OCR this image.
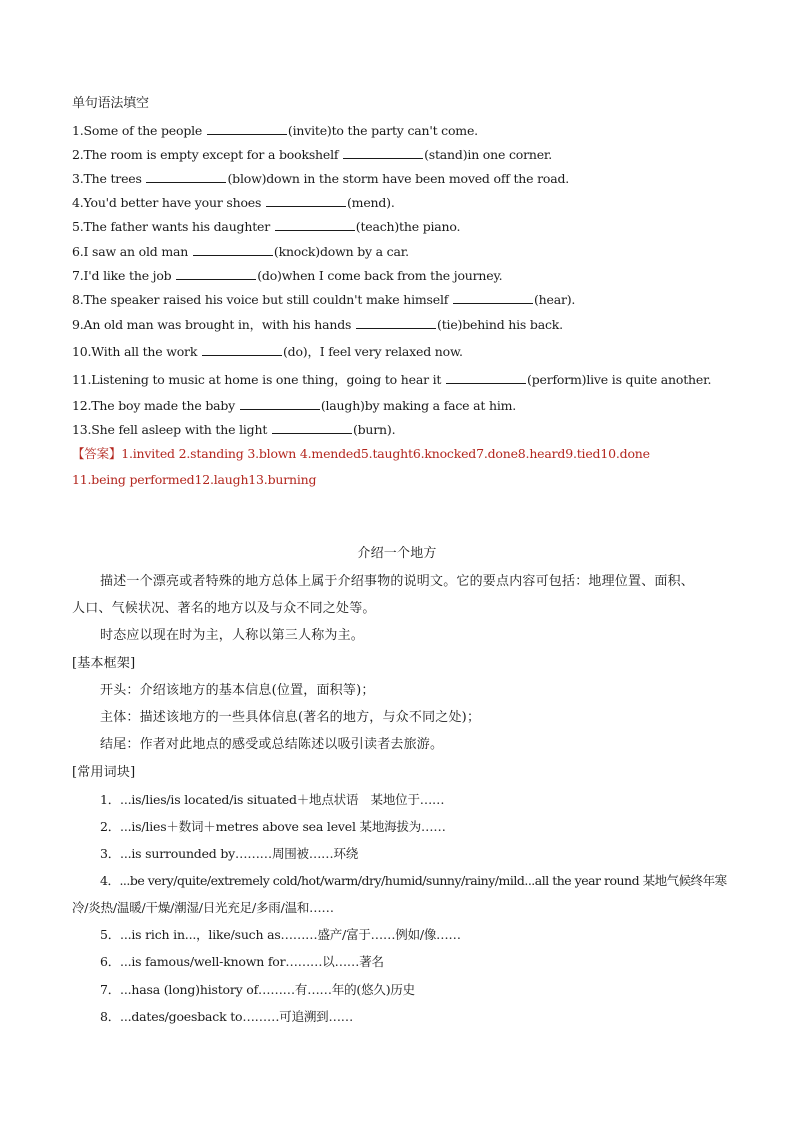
单句语法填空
1.Some of the people	(invite)to the party can't come.
2.The room is empty except for a bookshelf	(stand)in one corner.
3.The trees	(blow)down in the storm have been moved off the road.
4.You'd better have your shoes	(mend).
5.The father wants his daughter	(teach)the piano.
6.I saw an old man	(knock)down by a car.
7.I'd like the job	(do)when I come back from the journey.
8.The speaker raised his voice but still couldn't make himself	(hear).
9.An old man was brought in，with his hands	(tie)behind his back.
10.With all the work	(do)，I feel very relaxed now.
11.Listening to music at home is one thing，going to hear it	(perform)live is quite another.
12.The boy made the baby	(laugh)by making a face at him.
13.She fell asleep with the light	(burn).
【答案】1.invited 2.standing 3.blown 4.mended5.taught6.knocked7.done8.heard9.tied10.done
11.being performed12.laugh13.burning
介绍一个地方
描述一个漂亮或者特殊的地方总体上属于介绍事物的说明文。它的要点内容可包括：地理位置、面积、
人口、气候状况、著名的地方以及与众不同之处等。
时态应以现在时为主，人称以第三人称为主。
[基本框架]
开头：介绍该地方的基本信息(位置，面积等)；
主体：描述该地方的一些具体信息(著名的地方，与众不同之处)；
结尾：作者对此地点的感受或总结陈述以吸引读者去旅游。
[常用词块]
1．...is/lies/is located/is situated＋地点状语　某地位于……
2．...is/lies＋数词＋metres above sea level 某地海拔为……
3．...is surrounded by………周围被……环绕
4．...be very/quite/extremely cold/hot/warm/dry/humid/sunny/rainy/mild...all the year round 某地气候终年寒
冷/炎热/温暖/干燥/潮湿/日光充足/多雨/温和……
5．...is rich in...，like/such as………盛产/富于……例如/像……
6．...is famous/well-known for………以……著名
7．...hasa (long)history of………有……年的(悠久)历史
8．...dates/goesback to………可追溯到……
